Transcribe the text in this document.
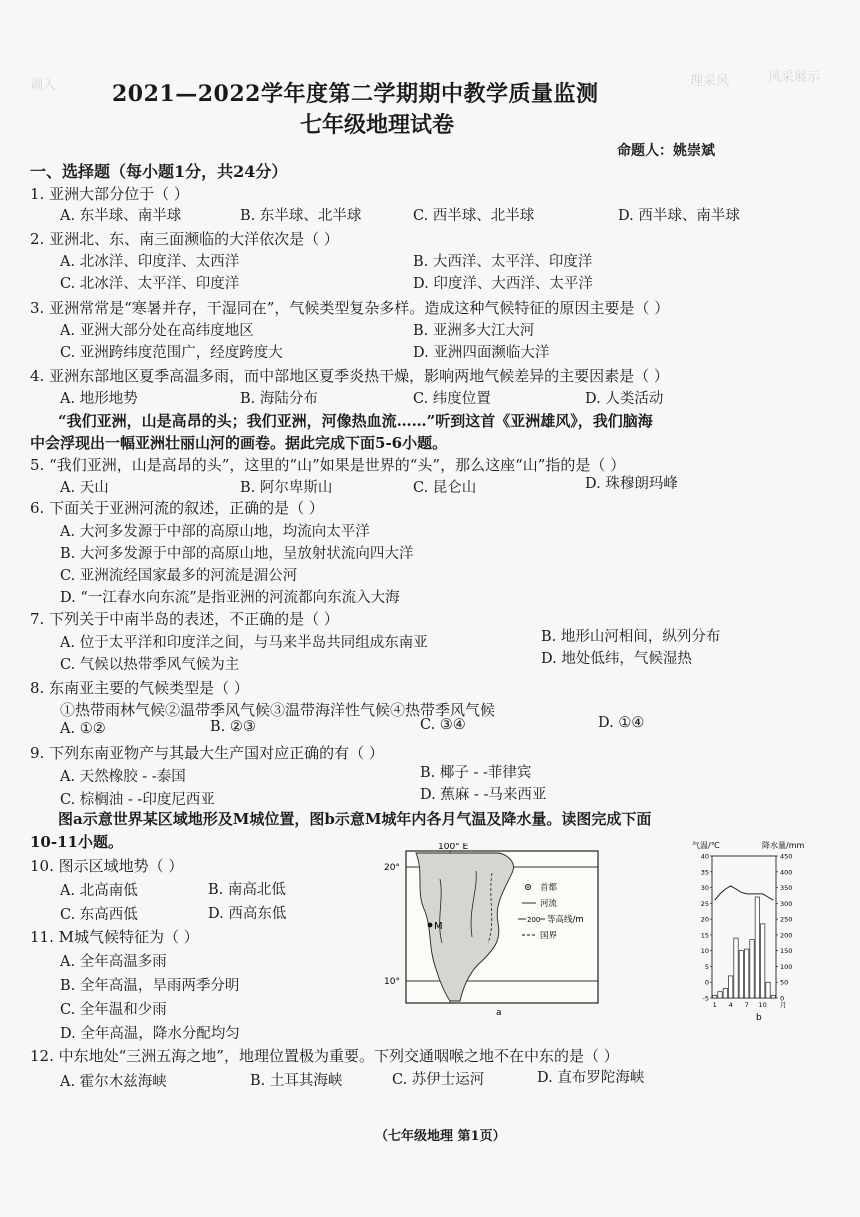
调入
风采展示
理采风
2021—2022学年度第二学期期中教学质量监测
七年级地理试卷
命题人：姚崇斌
一、选择题（每小题1分，共24分）
1. 亚洲大部分位于（ ）
A. 东半球、南半球	B. 东半球、北半球	C. 西半球、北半球	D. 西半球、南半球
2. 亚洲北、东、南三面濒临的大洋依次是（ ）
A. 北冰洋、印度洋、太西洋	B. 大西洋、太平洋、印度洋
C. 北冰洋、太平洋、印度洋	D. 印度洋、大西洋、太平洋
3. 亚洲常常是“寒暑并存，干湿同在”，气候类型复杂多样。造成这种气候特征的原因主要是（ ）
A. 亚洲大部分处在高纬度地区	B. 亚洲多大江大河
C. 亚洲跨纬度范围广，经度跨度大	D. 亚洲四面濒临大洋
4. 亚洲东部地区夏季高温多雨，而中部地区夏季炎热干燥，影响两地气候差异的主要因素是（ ）
A. 地形地势	B. 海陆分布	C. 纬度位置	D. 人类活动
“我们亚洲，山是高昂的头；我们亚洲，河像热血流……”听到这首《亚洲雄风》，我们脑海
中会浮现出一幅亚洲壮丽山河的画卷。据此完成下面5-6小题。
5. “我们亚洲，山是高昂的头”，这里的“山”如果是世界的“头”，那么这座“山”指的是（ ）
A. 天山	B. 阿尔卑斯山	C. 昆仑山	D. 珠穆朗玛峰
6. 下面关于亚洲河流的叙述，正确的是（ ）
A. 大河多发源于中部的高原山地，均流向太平洋
B. 大河多发源于中部的高原山地，呈放射状流向四大洋
C. 亚洲流经国家最多的河流是湄公河
D. “一江春水向东流”是指亚洲的河流都向东流入大海
7. 下列关于中南半岛的表述，不正确的是（ ）
A. 位于太平洋和印度洋之间，与马来半岛共同组成东南亚	B. 地形山河相间，纵列分布
C. 气候以热带季风气候为主	D. 地处低纬，气候湿热
8. 东南亚主要的气候类型是（ ）
①热带雨林气候②温带季风气候③温带海洋性气候④热带季风气候
A. ①②	B. ②③	C. ③④	D. ①④
9. 下列东南亚物产与其最大生产国对应正确的有（ ）
A. 天然橡胶 - -泰国	B. 椰子 - -菲律宾
C. 棕榈油 - -印度尼西亚	D. 蕉麻 - -马来西亚
图a示意世界某区域地形及M城位置，图b示意M城年内各月气温及降水量。读图完成下面
10-11小题。
10. 图示区域地势（ ）
A. 北高南低	B. 南高北低
C. 东高西低	D. 西高东低
11. M城气候特征为（ ）
A. 全年高温多雨
B. 全年高温，旱雨两季分明
C. 全年温和少雨
D. 全年高温，降水分配均匀
12. 中东地处“三洲五海之地”，地理位置极为重要。下列交通咽喉之地不在中东的是（ ）
A. 霍尔木兹海峡	B. 土耳其海峡	C. 苏伊士运河	D. 直布罗陀海峡
M
100° E
20°
10°
首都
河流
200 等高线/m
国界
a
气温/℃	降水量/mm
40
35
30
25
20
15
10
5
0
-5
450
400
350
300
250
200
150
100
50
0
1 4 7 10 月
b
（七年级地理 第1页）
